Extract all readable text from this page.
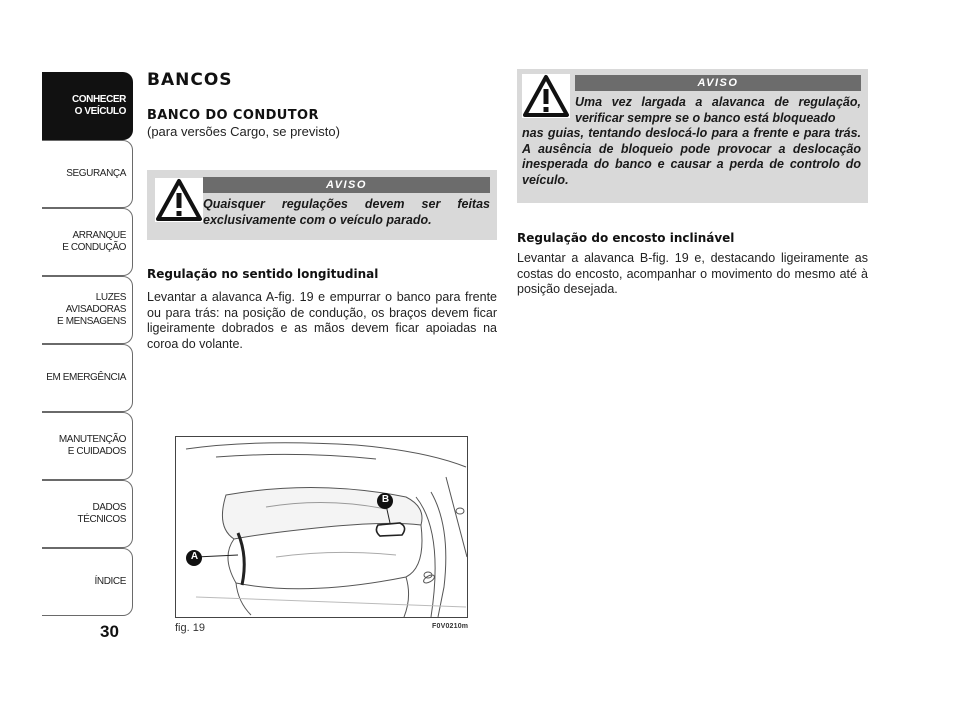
CONHECER
O VEÍCULO
SEGURANÇA
ARRANQUE
E CONDUÇÃO
LUZES AVISADORAS
E MENSAGENS
EM EMERGÊNCIA
MANUTENÇÃO
E CUIDADOS
DADOS TÉCNICOS
ÍNDICE
30
BANCOS
BANCO DO CONDUTOR
(para versões Cargo, se previsto)
AVISO
Quaisquer regulações devem ser feitas exclusivamente com o veículo parado.
Regulação no sentido longitudinal
Levantar a alavanca A-fig. 19 e empurrar o banco para frente ou para trás: na posição de condução, os braços devem ficar ligeiramente dobrados e as mãos devem ficar apoiadas na coroa do volante.
A
B
fig. 19	F0V0210m
AVISO
Uma vez largada a alavanca de regulação, verificar sempre se o banco está bloqueado
nas guias, tentando deslocá-lo para a frente e para trás. A ausência de bloqueio pode provocar a deslocação inesperada do banco e causar a perda de controlo do veículo.
Regulação do encosto inclinável
Levantar a alavanca B-fig. 19 e, destacando ligeiramente as costas do encosto, acompanhar o movimento do mesmo até à posição desejada.
